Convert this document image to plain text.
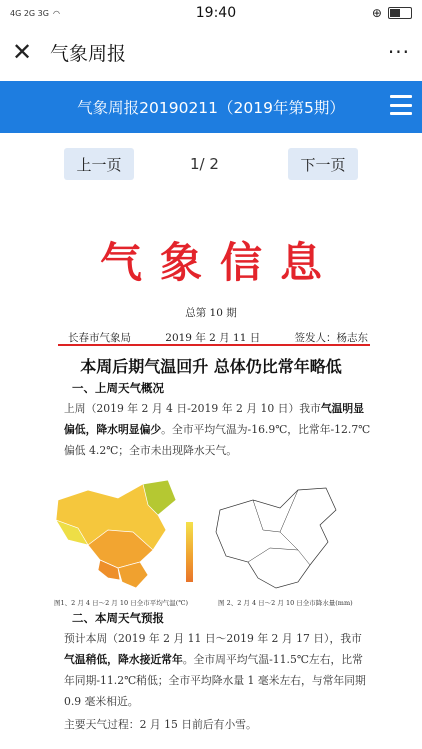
4G 2G 3G ◠	19:40	⊕
✕ 气象周报	···
气象周报20190211（2019年第5期）
上一页	1/ 2	下一页
气象信息
总第 10 期
长春市气象局	2019 年 2 月 11 日	签发人：杨志东
本周后期气温回升 总体仍比常年略低
一、上周天气概况
上周（2019 年 2 月 4 日-2019 年 2 月 10 日）我市气温明显偏低，降水明显偏少。全市平均气温为-16.9℃，比常年-12.7℃偏低 4.2℃；全市未出现降水天气。
图1、2 月 4 日～2 月 10 日全市平均气温(℃)	图 2、2 月 4 日～2 月 10 日全市降水量(mm)
二、本周天气预报
预计本周（2019 年 2 月 11 日～2019 年 2 月 17 日），我市气温稍低，降水接近常年。全市周平均气温-11.5℃左右，比常年同期-11.2℃稍低；全市平均降水量 1 毫米左右，与常年同期 0.9 毫米相近。
主要天气过程：2 月 15 日前后有小雪。
